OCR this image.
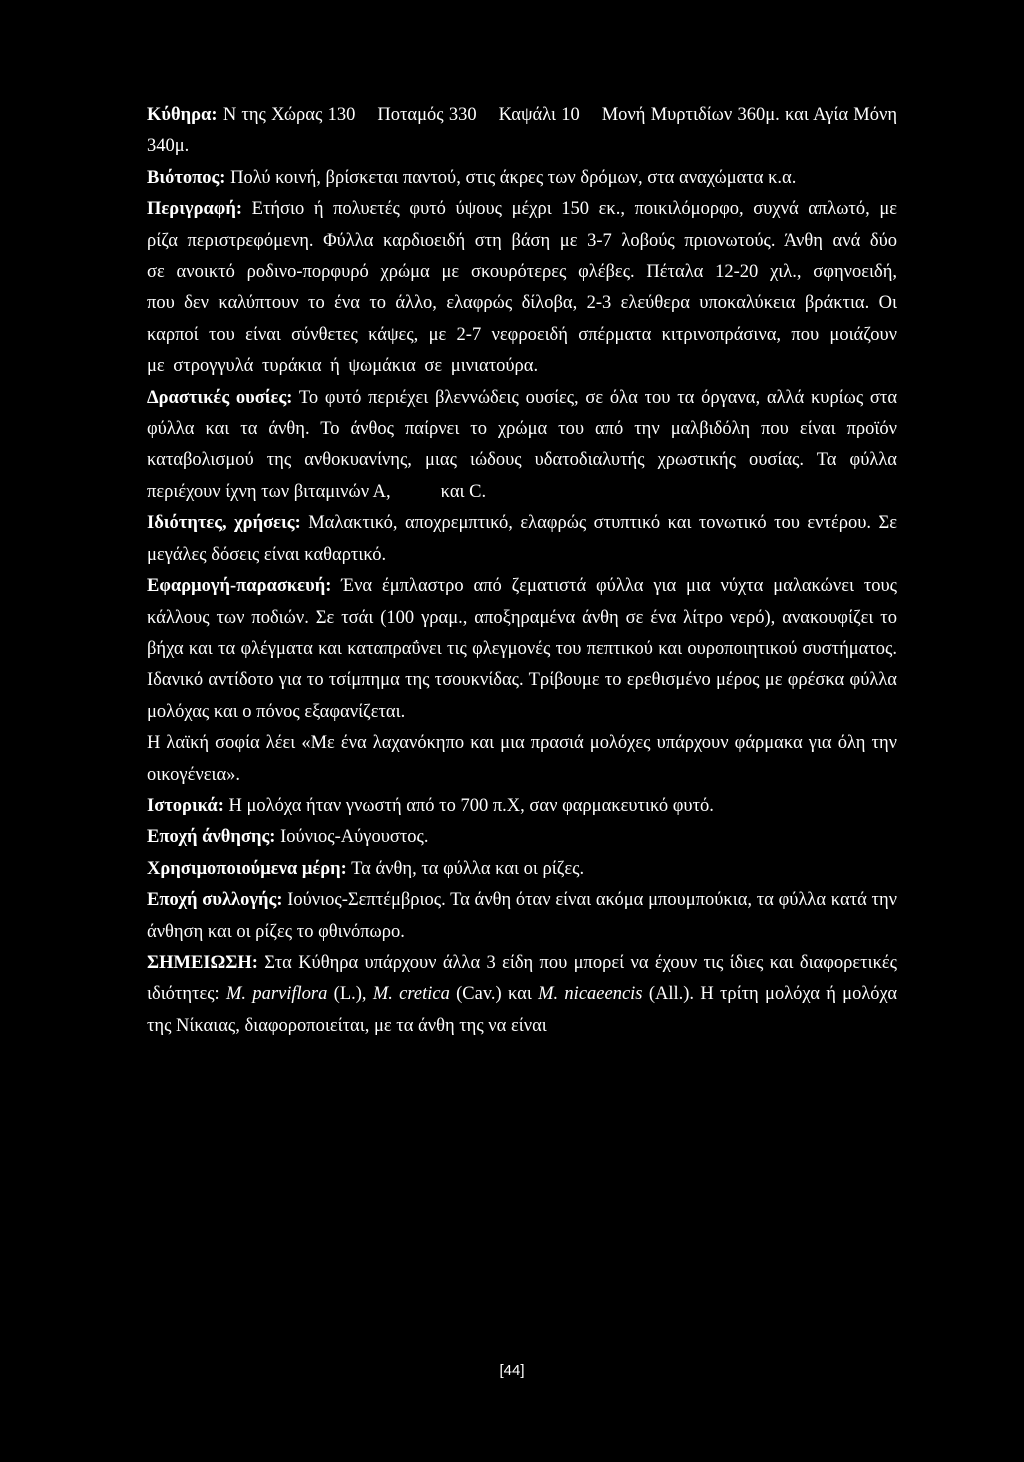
Κύθηρα: Ν της Χώρας 130 Ποταμός 330 Καψάλι 10 Μονή Μυρτιδίων 360μ. και Αγία Μόνη 340μ.

Βιότοπος: Πολύ κοινή, βρίσκεται παντού, στις άκρες των δρόμων, στα αναχώματα κ.α.

Περιγραφή: Ετήσιο ή πολυετές φυτό ύψους μέχρι 150 εκ., ποικιλόμορφο, συχνά απλωτό, με ρίζα περιστρεφόμενη. Φύλλα καρδιοειδή στη βάση με 3-7 λοβούς πριονωτούς. Άνθη ανά δύο σε ανοικτό ροδινο-πορφυρό χρώμα με σκουρότερες φλέβες. Πέταλα 12-20 χιλ., σφηνοειδή, που δεν καλύπτουν το ένα το άλλο, ελαφρώς δίλοβα, 2-3 ελεύθερα υποκαλύκεια βράκτια. Οι καρποί του είναι σύνθετες κάψες, με 2-7 νεφροειδή σπέρματα κιτρινοπράσινα, που μοιάζουν με στρογγυλά τυράκια ή ψωμάκια σε μινιατούρα.

Δραστικές ουσίες: Το φυτό περιέχει βλεννώδεις ουσίες, σε όλα του τα όργανα, αλλά κυρίως στα φύλλα και τα άνθη. Το άνθος παίρνει το χρώμα του από την μαλβιδόλη που είναι προϊόν καταβολισμού της ανθοκυανίνης, μιας ιώδους υδατοδιαλυτής χρωστικής ουσίας. Τα φύλλα περιέχουν ίχνη των βιταμινών Α,	και C.

Ιδιότητες, χρήσεις: Μαλακτικό, αποχρεμπτικό, ελαφρώς στυπτικό και τονωτικό του εντέρου. Σε μεγάλες δόσεις είναι καθαρτικό.

Εφαρμογή-παρασκευή: Ένα έμπλαστρο από ζεματιστά φύλλα για μια νύχτα μαλακώνει τους κάλλους των ποδιών. Σε τσάι (100 γραμ., αποξηραμένα άνθη σε ένα λίτρο νερό), ανακουφίζει το βήχα και τα φλέγματα και καταπραΰνει τις φλεγμονές του πεπτικού και ουροποιητικού συστήματος. Ιδανικό αντίδοτο για το τσίμπημα της τσουκνίδας. Τρίβουμε το ερεθισμένο μέρος με φρέσκα φύλλα μολόχας και ο πόνος εξαφανίζεται.

Η λαϊκή σοφία λέει «Με ένα λαχανόκηπο και μια πρασιά μολόχες υπάρχουν φάρμακα για όλη την οικογένεια».

Ιστορικά: Η μολόχα ήταν γνωστή από το 700 π.Χ, σαν φαρμακευτικό φυτό.

Εποχή άνθησης: Ιούνιος-Αύγουστος.

Χρησιμοποιούμενα μέρη: Τα άνθη, τα φύλλα και οι ρίζες.

Εποχή συλλογής: Ιούνιος-Σεπτέμβριος. Τα άνθη όταν είναι ακόμα μπουμπούκια, τα φύλλα κατά την άνθηση και οι ρίζες το φθινόπωρο.

ΣΗΜΕΙΩΣΗ: Στα Κύθηρα υπάρχουν άλλα 3 είδη που μπορεί να έχουν τις ίδιες και διαφορετικές ιδιότητες: M. parviflora (L.), M. cretica (Cav.) και M. nicaeencis (All.). Η τρίτη μολόχα ή μολόχα της Νίκαιας, διαφοροποιείται, με τα άνθη της να είναι

[44]
